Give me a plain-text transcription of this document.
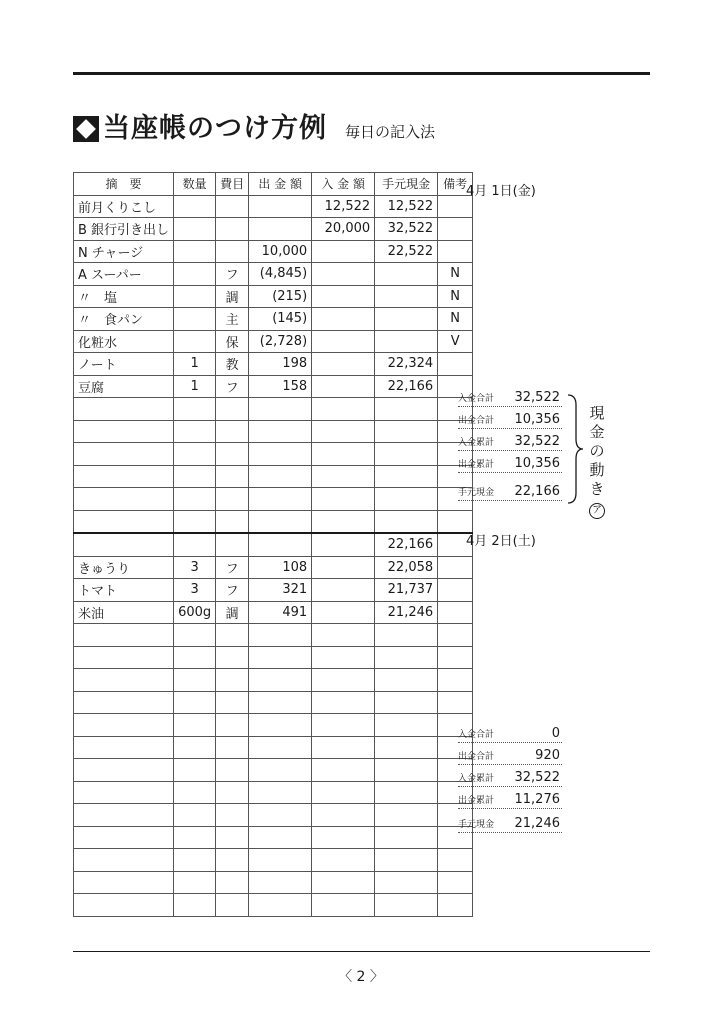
当座帳のつけ方例 毎日の記入法
摘　要	数量	費目	出 金 額	入 金 額	手元現金	備考
前月くりこし				12,522	12,522	
B 銀行引き出し				20,000	32,522	
N チャージ			10,000		22,522	
A スーパー		フ	(4,845)			N
〃　塩		調	(215)			N
〃　食パン		主	(145)			N
化粧水		保	(2,728)			V
ノート	1	教	198		22,324	
豆腐	1	フ	158		22,166	

					22,166	
きゅうり	3	フ	108		22,058	
トマト	3	フ	321		21,737	
米油	600g	調	491		21,246	

4月 1日(金)
入金合計 32,522
出金合計 10,356
入金累計 32,522
出金累計 10,356
手元現金 22,166
現
金
の
動
き
ア
4月 2日(土)
入金合計	0
出金合計	920
入金累計 32,522
出金累計 11,276
手元現金 21,246
〈 2 〉
